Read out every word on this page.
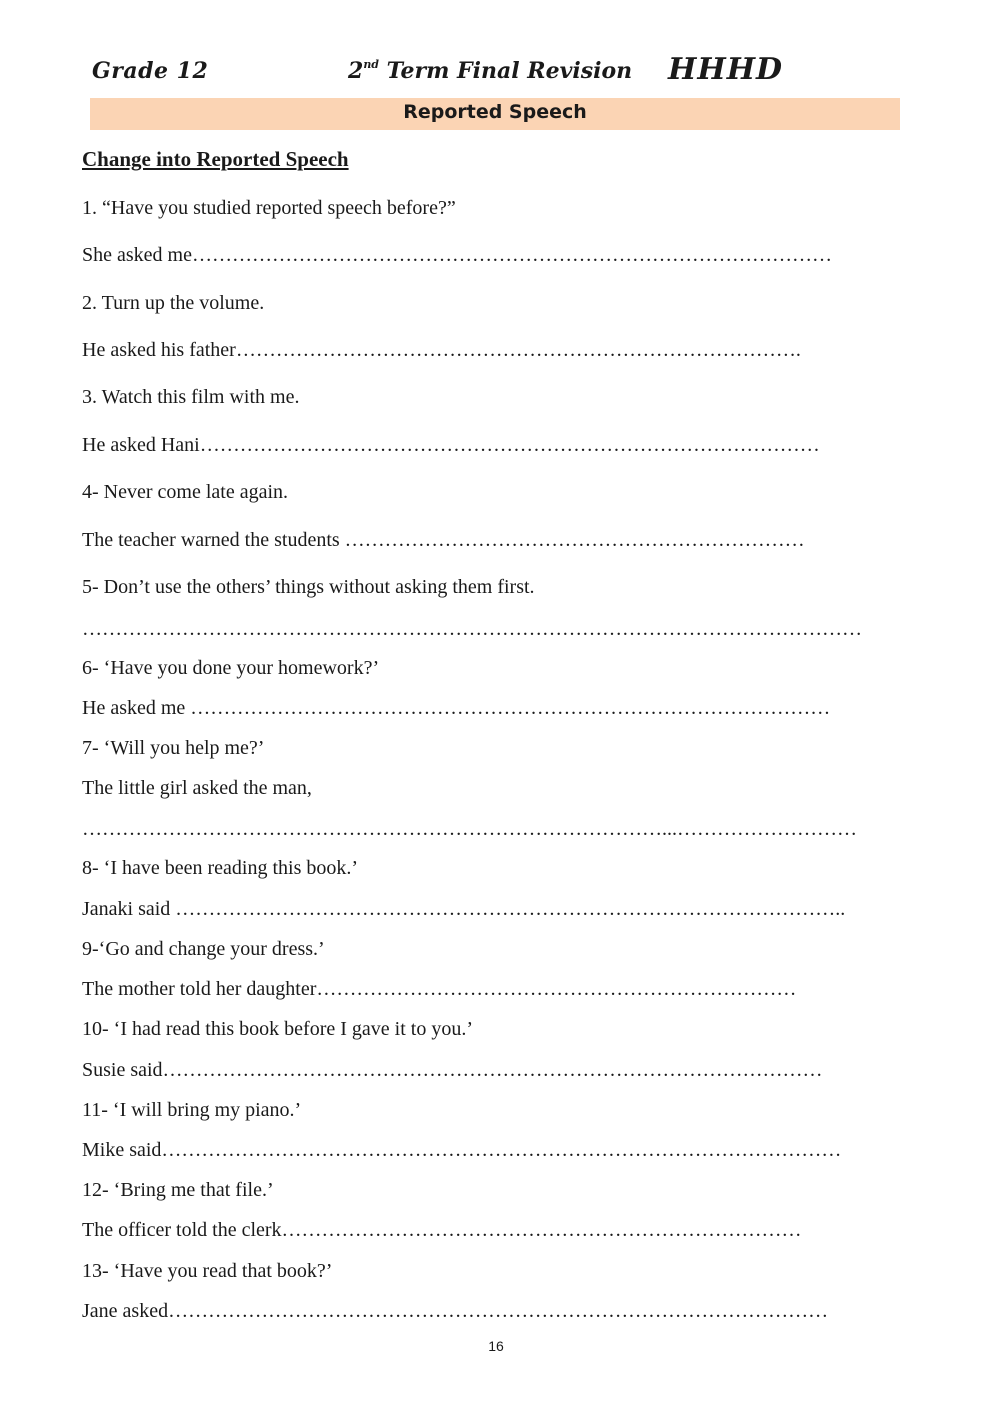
Grade 12	2nd Term Final Revision HHHD
Reported Speech
Change into Reported Speech
1. “Have you studied reported speech before?”
She asked me……………………………………………………………………………………
2. Turn up the volume.
He asked his father………………………………………………………………………….
3. Watch this film with me.
He asked Hani…………………………………………………………………………………
4- Never come late again.
The teacher warned the students ……………………………………………………………
5- Don’t use the others’ things without asking them first.
………………………………………………………………………………………………………
6- ‘Have you done your homework?’
He asked me ……………………………………………………………………………………
7- ‘Will you help me?’
The little girl asked the man,
……………………………………………………………………………...………………………
8- ‘I have been reading this book.’
Janaki said ………………………………………………………………………………………..
9-‘Go and change your dress.’
The mother told her daughter………………………………………………………………
10- ‘I had read this book before I gave it to you.’
Susie said………………………………………………………………………………………
11- ‘I will bring my piano.’
Mike said…………………………………………………………………………………………
12- ‘Bring me that file.’
The officer told the clerk……………………………………………………………………
13- ‘Have you read that book?’
Jane asked………………………………………………………………………………………
16
